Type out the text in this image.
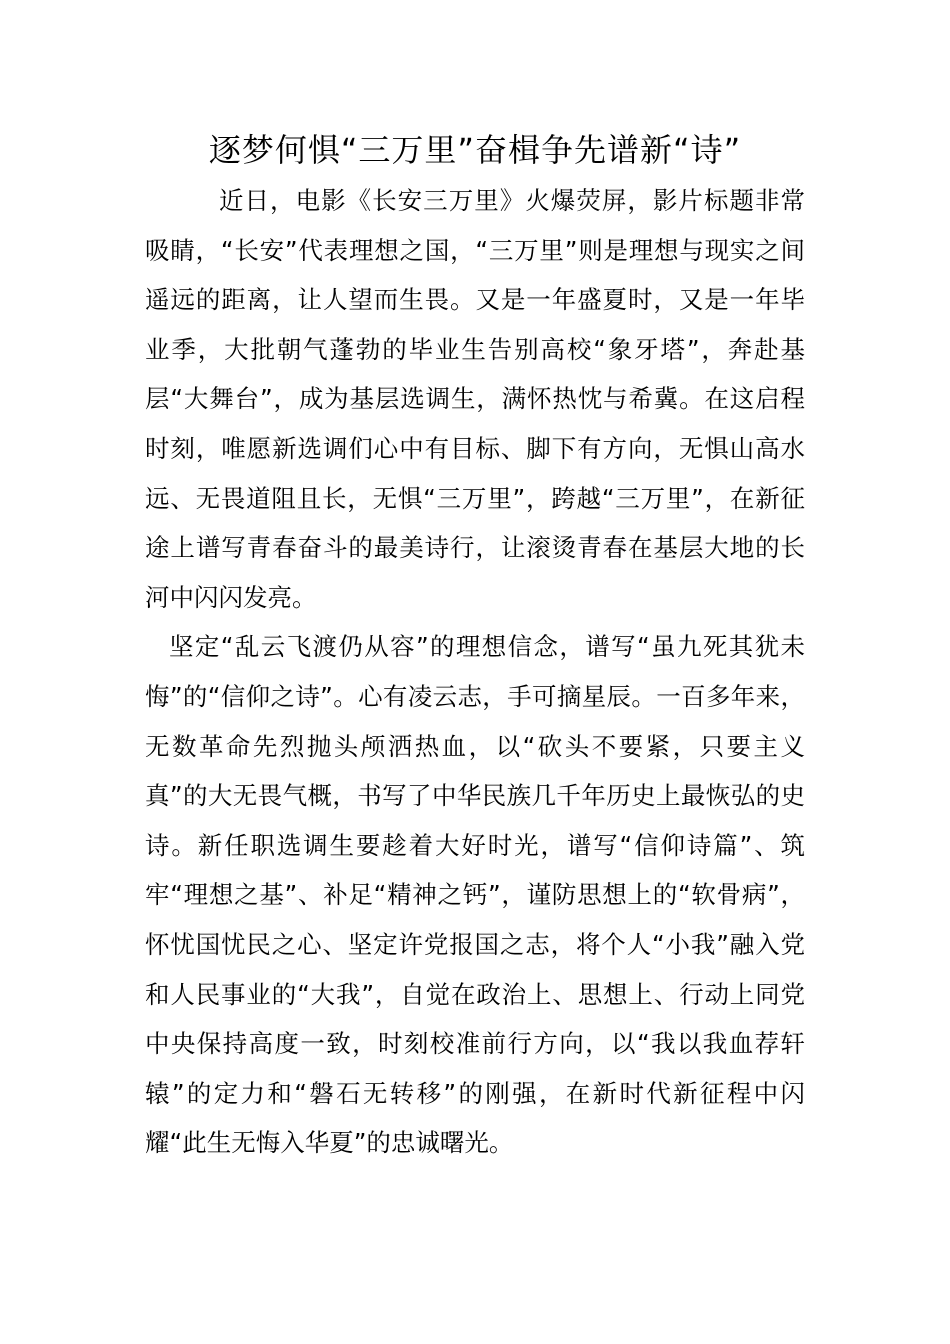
逐梦何惧“三万里”奋楫争先谱新“诗”

近日，电影《长安三万里》火爆荧屏，影片标题非常吸睛，“长安”代表理想之国，“三万里”则是理想与现实之间遥远的距离，让人望而生畏。又是一年盛夏时，又是一年毕业季，大批朝气蓬勃的毕业生告别高校“象牙塔”，奔赴基层“大舞台”，成为基层选调生，满怀热忱与希冀。在这启程时刻，唯愿新选调们心中有目标、脚下有方向，无惧山高水远、无畏道阻且长，无惧“三万里”，跨越“三万里”，在新征途上谱写青春奋斗的最美诗行，让滚烫青春在基层大地的长河中闪闪发亮。

坚定“乱云飞渡仍从容”的理想信念，谱写“虽九死其犹未悔”的“信仰之诗”。心有凌云志，手可摘星辰。一百多年来，无数革命先烈抛头颅洒热血，以“砍头不要紧，只要主义真”的大无畏气概，书写了中华民族几千年历史上最恢弘的史诗。新任职选调生要趁着大好时光，谱写“信仰诗篇”、筑牢“理想之基”、补足“精神之钙”，谨防思想上的“软骨病”，怀忧国忧民之心、坚定许党报国之志，将个人“小我”融入党和人民事业的“大我”，自觉在政治上、思想上、行动上同党中央保持高度一致，时刻校准前行方向，以“我以我血荐轩辕”的定力和“磐石无转移”的刚强，在新时代新征程中闪耀“此生无悔入华夏”的忠诚曙光。
